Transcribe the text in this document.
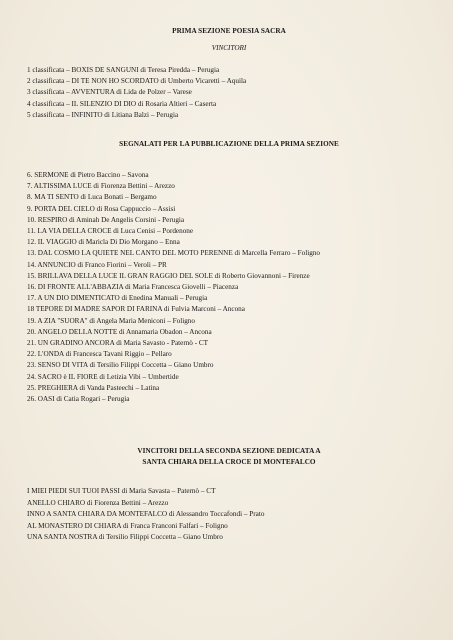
PRIMA SEZIONE POESIA SACRA
VINCITORI
1 classificata – BOXIS DE SANGUNI di Teresa Piredda – Perugia
2 classificata – DI TE NON HO SCORDATO di Umberto Vicaretti – Aquila
3 classificata – AVVENTURA di Lida de Polzer – Varese
4 classificata – IL SILENZIO DI DIO di Rosaria Altieri – Caserta
5 classificata – INFINITO di Litiana Balzi – Perugia
SEGNALATI PER LA PUBBLICAZIONE DELLA PRIMA SEZIONE
6. SERMONE di Pietro Baccino – Savona
7. ALTISSIMA LUCE di Fiorenza Bettini – Arezzo
8. MA TI SENTO di Luca Bonati – Bergamo
9. PORTA DEL CIELO di Rosa Cappuccio – Assisi
10. RESPIRO di Aminah De Angelis Corsini - Perugia
11. LA VIA DELLA CROCE di Luca Cenisi – Pordenone
12. IL VIAGGIO di Maricla Di Dio Morgano – Enna
13. DAL COSMO LA QUIETE NEL CANTO DEL MOTO PERENNE di Marcella Ferraro – Foligno
14. ANNUNCIO di Franco Fiorini – Veroli – PR
15. BRILLAVA DELLA LUCE IL GRAN RAGGIO DEL SOLE di Roberto Giovannoni – Firenze
16. DI FRONTE ALL'ABBAZIA di Maria Francesca Giovelli – Piacenza
17. A UN DIO DIMENTICATO di Enedina Manuali – Perugia
18 TEPORE DI MADRE SAPOR DI FARINA di Fulvia Marconi – Ancona
19. A ZIA "SUORA" di Angela Maria Meniconi – Foligno
20. ANGELO DELLA NOTTE di Annamaria Obadon – Ancona
21. UN GRADINO ANCORA di Maria Savasto - Paternò - CT
22. L'ONDA di Francesca Tavani Riggio – Pellaro
23. SENSO DI VITA di Tersilio Filippi Coccetta – Giano Umbro
24. SACRO è IL FIORE di Letizia Vibi – Umbertide
25. PREGHIERA di Vanda Pasteechi – Latina
26. OASI di Catia Rogari – Perugia
VINCITORI DELLA SECONDA SEZIONE DEDICATA A
SANTA CHIARA DELLA CROCE DI MONTEFALCO
I MIEI PIEDI SUI TUOI PASSI di Maria Savasta – Paternò – CT
ANELLO CHIARO di Fiorenza Bettini – Arezzo
INNO A SANTA CHIARA DA MONTEFALCO di Alessandro Toccafondi – Prato
AL MONASTERO DI CHIARA di Franca Franconi Falfari – Foligno
UNA SANTA NOSTRA di Tersilio Filippi Coccetta – Giano Umbro
